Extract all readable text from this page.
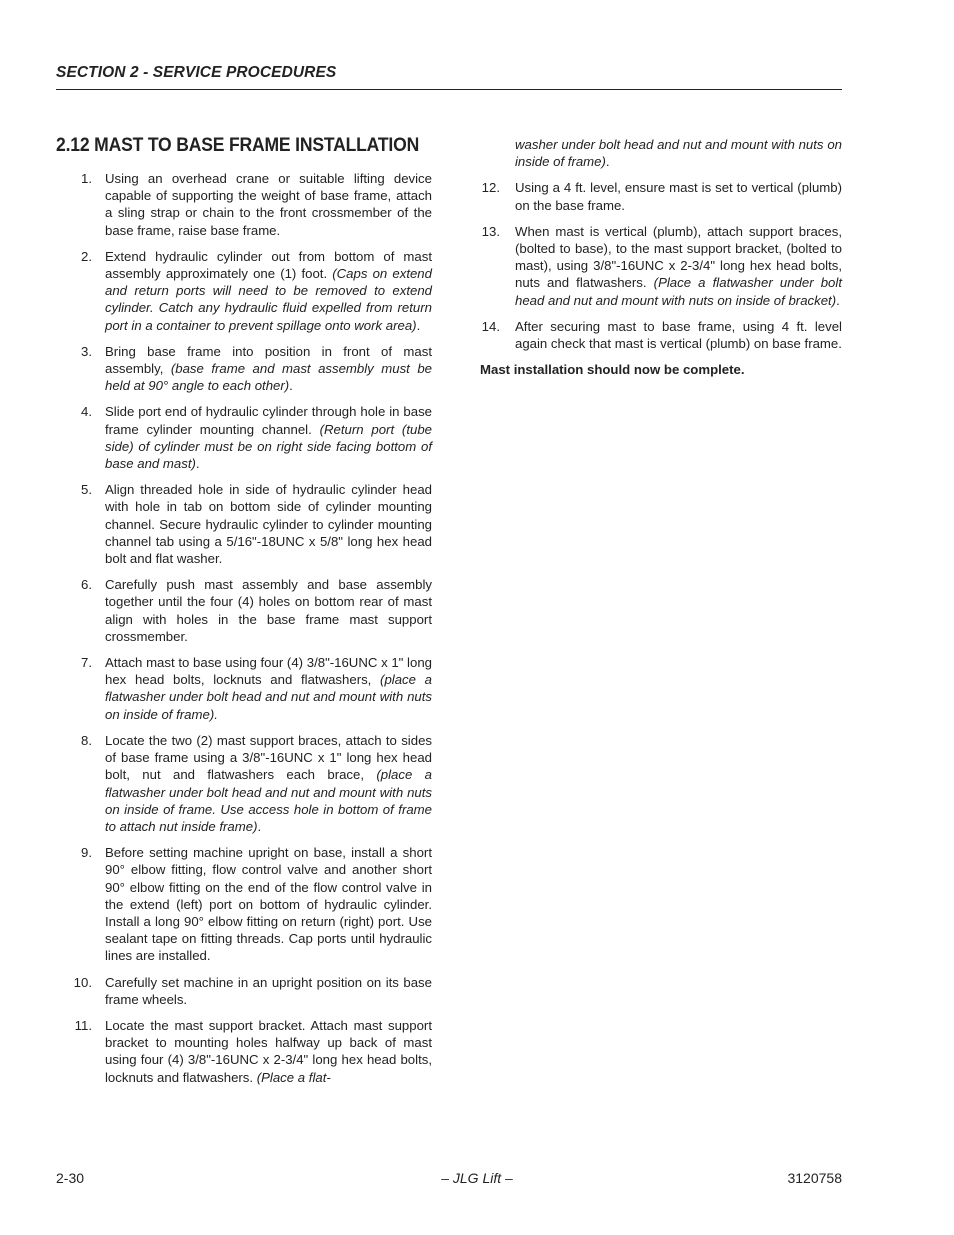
SECTION 2 - SERVICE PROCEDURES
2.12 MAST TO BASE FRAME INSTALLATION
1. Using an overhead crane or suitable lifting device capable of supporting the weight of base frame, attach a sling strap or chain to the front crossmember of the base frame, raise base frame.
2. Extend hydraulic cylinder out from bottom of mast assembly approximately one (1) foot. (Caps on extend and return ports will need to be removed to extend cylinder. Catch any hydraulic fluid expelled from return port in a container to prevent spillage onto work area).
3. Bring base frame into position in front of mast assembly, (base frame and mast assembly must be held at 90° angle to each other).
4. Slide port end of hydraulic cylinder through hole in base frame cylinder mounting channel. (Return port (tube side) of cylinder must be on right side facing bottom of base and mast).
5. Align threaded hole in side of hydraulic cylinder head with hole in tab on bottom side of cylinder mounting channel. Secure hydraulic cylinder to cylinder mounting channel tab using a 5/16"-18UNC x 5/8" long hex head bolt and flat washer.
6. Carefully push mast assembly and base assembly together until the four (4) holes on bottom rear of mast align with holes in the base frame mast support crossmember.
7. Attach mast to base using four (4) 3/8"-16UNC x 1" long hex head bolts, locknuts and flatwashers, (place a flatwasher under bolt head and nut and mount with nuts on inside of frame).
8. Locate the two (2) mast support braces, attach to sides of base frame using a 3/8"-16UNC x 1" long hex head bolt, nut and flatwashers each brace, (place a flatwasher under bolt head and nut and mount with nuts on inside of frame. Use access hole in bottom of frame to attach nut inside frame).
9. Before setting machine upright on base, install a short 90° elbow fitting, flow control valve and another short 90° elbow fitting on the end of the flow control valve in the extend (left) port on bottom of hydraulic cylinder. Install a long 90° elbow fitting on return (right) port. Use sealant tape on fitting threads. Cap ports until hydraulic lines are installed.
10. Carefully set machine in an upright position on its base frame wheels.
11. Locate the mast support bracket. Attach mast support bracket to mounting holes halfway up back of mast using four (4) 3/8"-16UNC x 2-3/4" long hex head bolts, locknuts and flatwashers. (Place a flat-
washer under bolt head and nut and mount with nuts on inside of frame).
12. Using a 4 ft. level, ensure mast is set to vertical (plumb) on the base frame.
13. When mast is vertical (plumb), attach support braces, (bolted to base), to the mast support bracket, (bolted to mast), using 3/8"-16UNC x 2-3/4" long hex head bolts, nuts and flatwashers. (Place a flatwasher under bolt head and nut and mount with nuts on inside of bracket).
14. After securing mast to base frame, using 4 ft. level again check that mast is vertical (plumb) on base frame.
Mast installation should now be complete.
2-30	– JLG Lift –	3120758
